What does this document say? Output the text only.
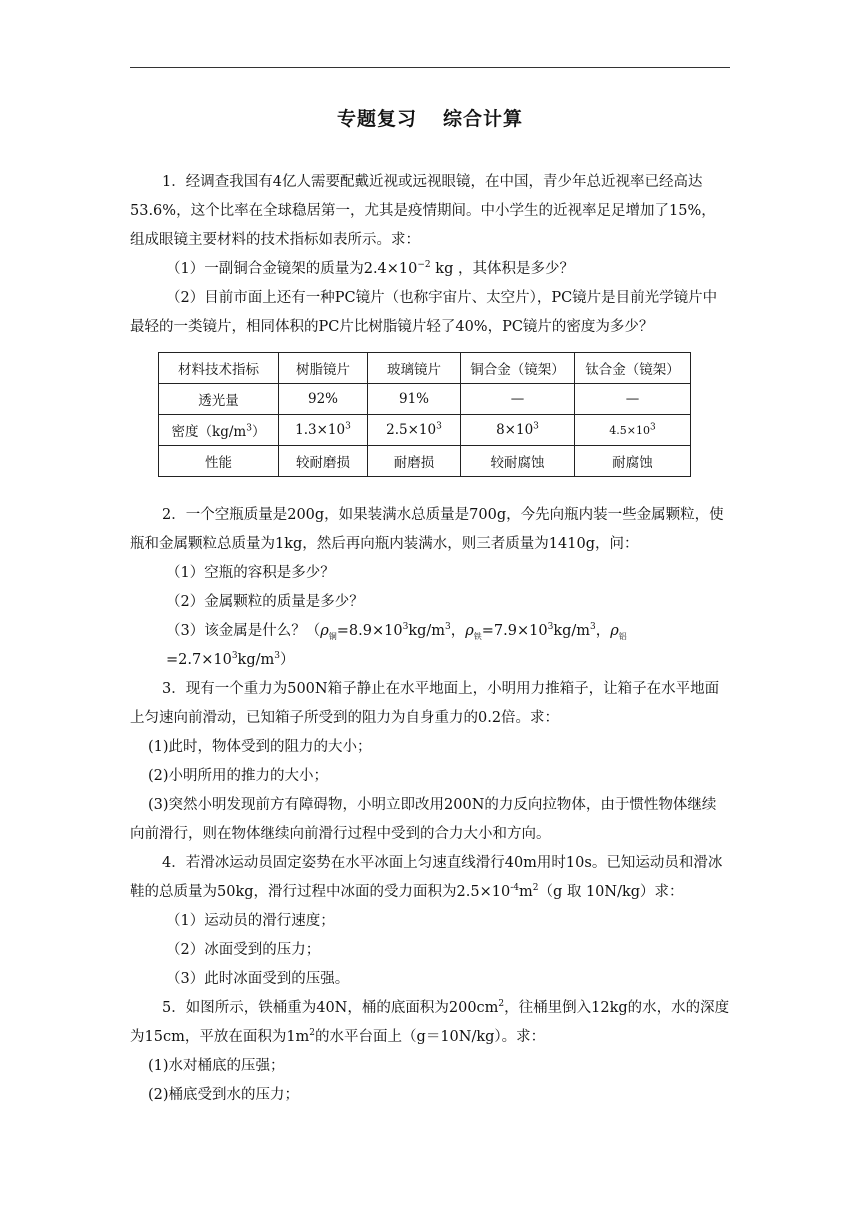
专题复习 综合计算

1．经调查我国有4亿人需要配戴近视或远视眼镜，在中国，青少年总近视率已经高达53.6%，这个比率在全球稳居第一，尤其是疫情期间。中小学生的近视率足足增加了15%，组成眼镜主要材料的技术指标如表所示。求：

（1）一副铜合金镜架的质量为$2.4\times 10^{-2}$ kg ，其体积是多少？

（2）目前市面上还有一种PC镜片（也称宇宙片、太空片），PC镜片是目前光学镜片中最轻的一类镜片，相同体积的PC片比树脂镜片轻了40%，PC镜片的密度为多少？

材料技术指标	树脂镜片	玻璃镜片	铜合金（镜架）	钛合金（镜架）
透光量	92%	91%	—	—
密度$(kg/m^3)$	$1.3\times 10^3$	$2.5\times 10^3$	$8\times 10^3$	$4.5\times 10^3$
性能	较耐磨损	耐磨损	较耐腐蚀	耐腐蚀

2．一个空瓶质量是200g，如果装满水总质量是700g，今先向瓶内装一些金属颗粒，使瓶和金属颗粒总质量为1kg，然后再向瓶内装满水，则三者质量为1410g，问：

（1）空瓶的容积是多少？

（2）金属颗粒的质量是多少？

（3）该金属是什么？（$\rho_铜=8.9\times 10^3kg/m^3$，$\rho_铁=7.9\times 10^3kg/m^3$，$\rho_铝=2.7\times 10^3kg/m^3$）

3．现有一个重力为500N箱子静止在水平地面上，小明用力推箱子，让箱子在水平地面上匀速向前滑动，已知箱子所受到的阻力为自身重力的0.2倍。求：

(1)此时，物体受到的阻力的大小；

(2)小明所用的推力的大小；

(3)突然小明发现前方有障碍物，小明立即改用200N的力反向拉物体，由于惯性物体继续向前滑行，则在物体继续向前滑行过程中受到的合力大小和方向。

4．若滑冰运动员固定姿势在水平冰面上匀速直线滑行40m用时10s。已知运动员和滑冰鞋的总质量为50kg，滑行过程中冰面的受力面积为$2.5\times 10^{-4}m^2(g$ 取 10N/kg）求：

（1）运动员的滑行速度；

（2）冰面受到的压力；

（3）此时冰面受到的压强。

5．如图所示，铁桶重为40N，桶的底面积为$200cm^2$，往桶里倒入12kg的水，水的深度为15cm，平放在面积为$1m^2$的水平台面上（g＝10N/kg）。求：

(1)水对桶底的压强；

(2)桶底受到水的压力；
